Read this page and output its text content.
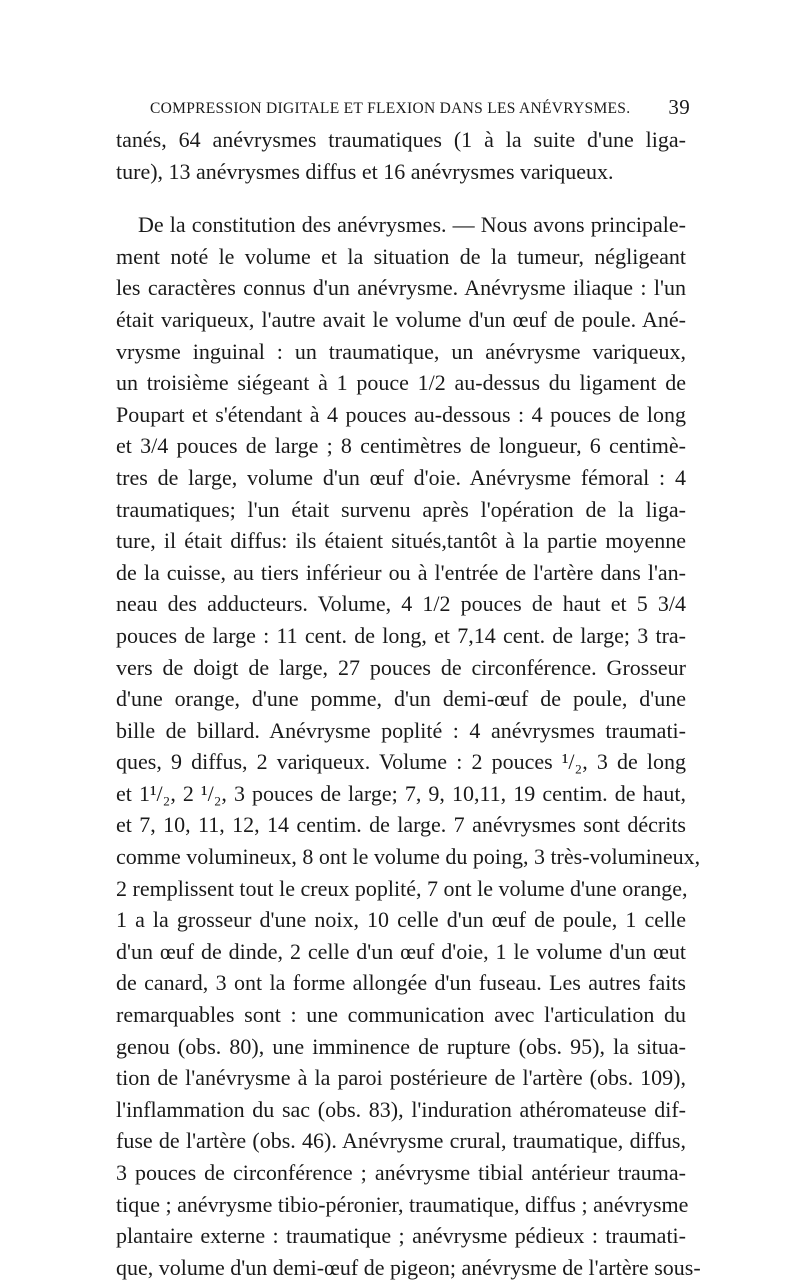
COMPRESSION DIGITALE ET FLEXION DANS LES ANÉVRYSMES. 39
tanés, 64 anévrysmes traumatiques (1 à la suite d'une liga-
ture), 13 anévrysmes diffus et 16 anévrysmes variqueux.
De la constitution des anévrysmes. — Nous avons principale-
ment noté le volume et la situation de la tumeur, négligeant
les caractères connus d'un anévrysme. Anévrysme iliaque : l'un
était variqueux, l'autre avait le volume d'un œuf de poule. Ané-
vrysme inguinal : un traumatique, un anévrysme variqueux,
un troisième siégeant à 1 pouce 1/2 au-dessus du ligament de
Poupart et s'étendant à 4 pouces au-dessous : 4 pouces de long
et 3/4 pouces de large ; 8 centimètres de longueur, 6 centimè-
tres de large, volume d'un œuf d'oie. Anévrysme fémoral : 4
traumatiques; l'un était survenu après l'opération de la liga-
ture, il était diffus: ils étaient situés,tantôt à la partie moyenne
de la cuisse, au tiers inférieur ou à l'entrée de l'artère dans l'an-
neau des adducteurs. Volume, 4 1/2 pouces de haut et 5 3/4
pouces de large : 11 cent. de long, et 7,14 cent. de large; 3 tra-
vers de doigt de large, 27 pouces de circonférence. Grosseur
d'une orange, d'une pomme, d'un demi-œuf de poule, d'une
bille de billard. Anévrysme poplité : 4 anévrysmes traumati-
ques, 9 diffus, 2 variqueux. Volume : 2 pouces ¹/₂, 3 de long
et 1¹/₂, 2 ¹/₂, 3 pouces de large; 7, 9, 10,11, 19 centim. de haut,
et 7, 10, 11, 12, 14 centim. de large. 7 anévrysmes sont décrits
comme volumineux, 8 ont le volume du poing, 3 très-volumineux,
2 remplissent tout le creux poplité, 7 ont le volume d'une orange,
1 a la grosseur d'une noix, 10 celle d'un œuf de poule, 1 celle
d'un œuf de dinde, 2 celle d'un œuf d'oie, 1 le volume d'un œut
de canard, 3 ont la forme allongée d'un fuseau. Les autres faits
remarquables sont : une communication avec l'articulation du
genou (obs. 80), une imminence de rupture (obs. 95), la situa-
tion de l'anévrysme à la paroi postérieure de l'artère (obs. 109),
l'inflammation du sac (obs. 83), l'induration athéromateuse dif-
fuse de l'artère (obs. 46). Anévrysme crural, traumatique, diffus,
3 pouces de circonférence ; anévrysme tibial antérieur trauma-
tique ; anévrysme tibio-péronier, traumatique, diffus ; anévrysme
plantaire externe : traumatique ; anévrysme pédieux : traumati-
que, volume d'un demi-œuf de pigeon; anévrysme de l'artère sous-
